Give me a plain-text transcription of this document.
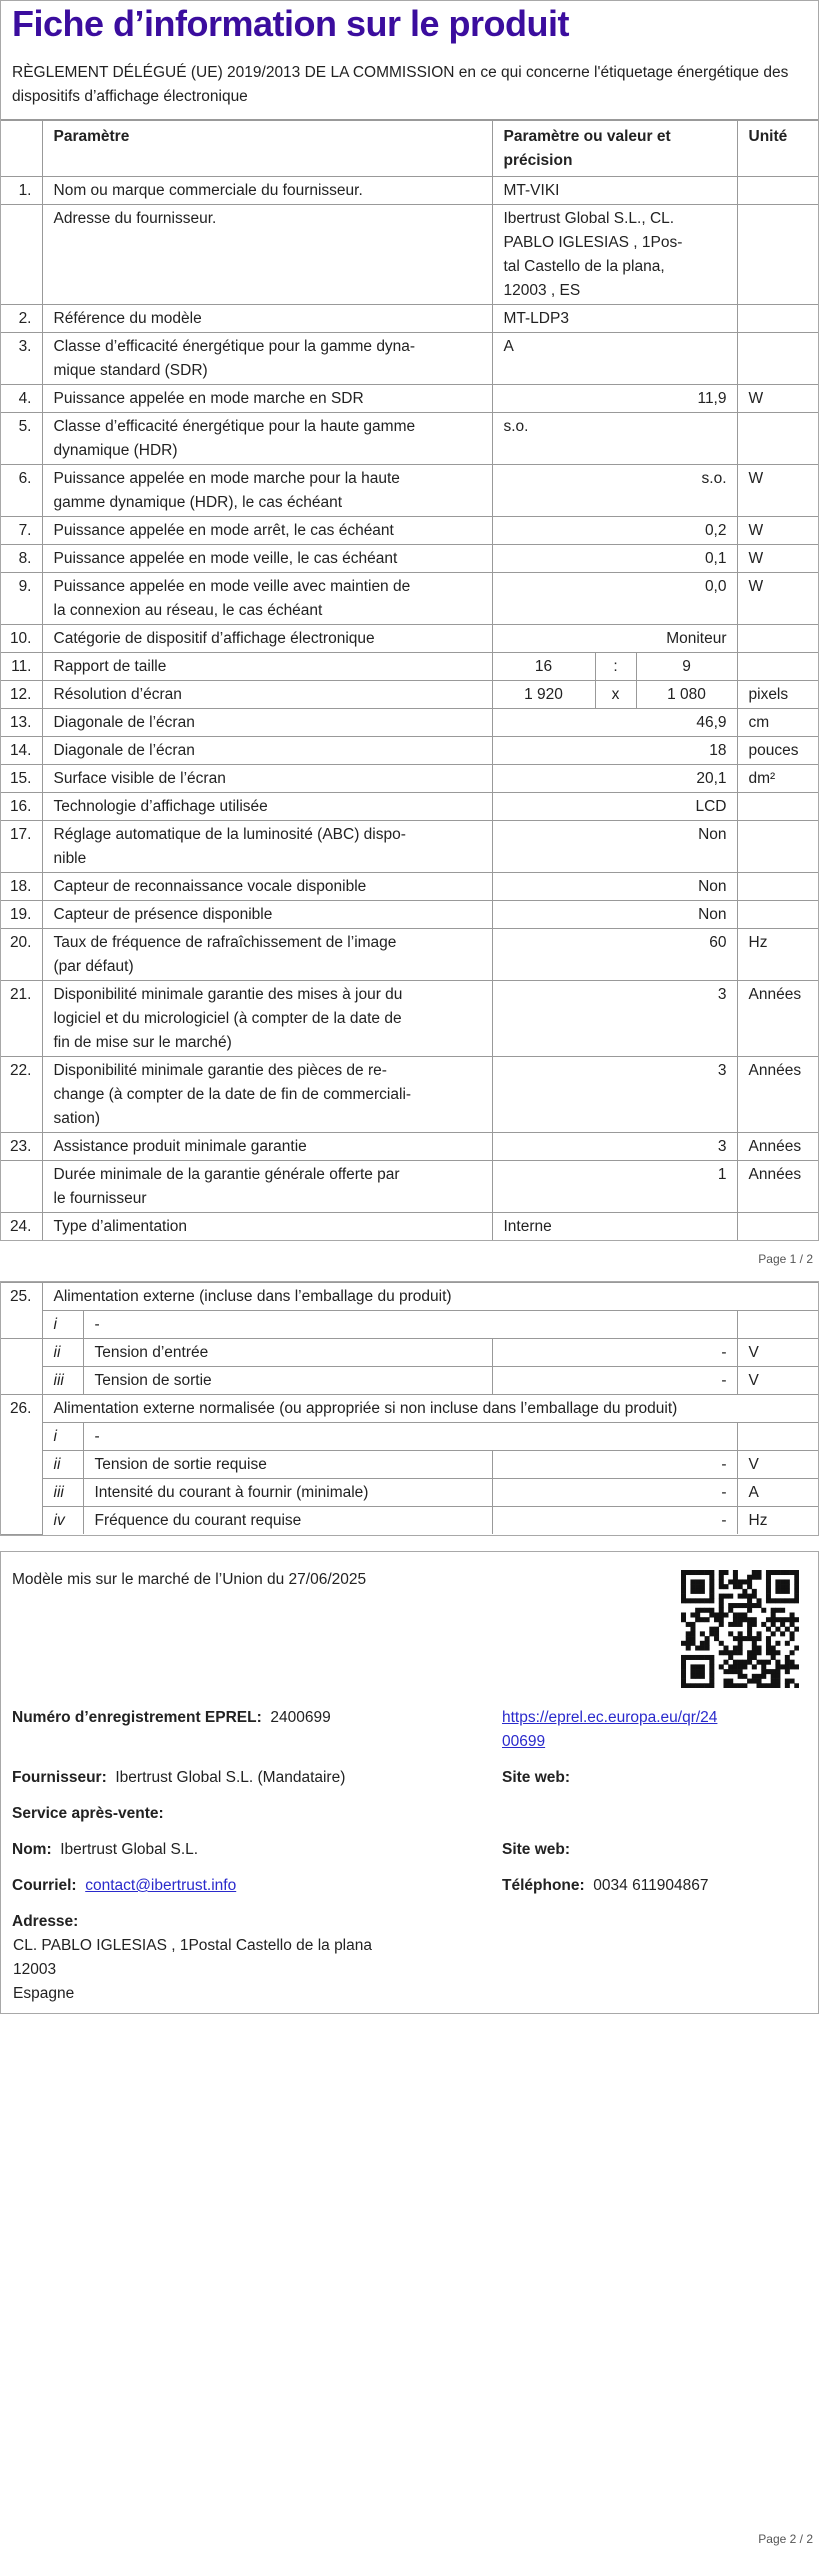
Fiche d’information sur le produit
RÈGLEMENT DÉLÉGUÉ (UE) 2019/2013 DE LA COMMISSION en ce qui concerne l'étiquetage énergétique des dispositifs d’affichage électronique
	Paramètre	Paramètre ou valeur et
précision			Unité
1.	Nom ou marque commerciale du fournisseur.	MT-VIKI			
	Adresse du fournisseur.	Ibertrust Global S.L., CL.
PABLO IGLESIAS , 1Pos-
tal Castello de la plana,
12003 , ES			
2.	Référence du modèle	MT-LDP3			
3.	Classe d’efficacité énergétique pour la gamme dyna-
mique standard (SDR)	A			
4.	Puissance appelée en mode marche en SDR	11,9			W
5.	Classe d’efficacité énergétique pour la haute gamme
dynamique (HDR)	s.o.			
6.	Puissance appelée en mode marche pour la haute
gamme dynamique (HDR), le cas échéant	s.o.			W
7.	Puissance appelée en mode arrêt, le cas échéant	0,2			W
8.	Puissance appelée en mode veille, le cas échéant	0,1			W
9.	Puissance appelée en mode veille avec maintien de
la connexion au réseau, le cas échéant	0,0			W
10.	Catégorie de dispositif d’affichage électronique	Moniteur			
11.	Rapport de taille	16	:	9	
12.	Résolution d’écran	1 920	x	1 080	pixels
13.	Diagonale de l’écran	46,9			cm
14.	Diagonale de l’écran	18			pouces
15.	Surface visible de l’écran	20,1			dm²
16.	Technologie d’affichage utilisée	LCD			
17.	Réglage automatique de la luminosité (ABC) dispo-
nible	Non			
18.	Capteur de reconnaissance vocale disponible	Non			
19.	Capteur de présence disponible	Non			
20.	Taux de fréquence de rafraîchissement de l’image
(par défaut)	60			Hz
21.	Disponibilité minimale garantie des mises à jour du
logiciel et du micrologiciel (à compter de la date de
fin de mise sur le marché)	3			Années
22.	Disponibilité minimale garantie des pièces de re-
change (à compter de la date de fin de commerciali-
sation)	3			Années
23.	Assistance produit minimale garantie	3			Années
	Durée minimale de la garantie générale offerte par
le fournisseur	1			Années
24.	Type d’alimentation	Interne			
Page 1 / 2
25.	Alimentation externe (incluse dans l’emballage du produit)			
	i	-		
	ii	Tension d’entrée	-	V
	iii	Tension de sortie	-	V
26.	Alimentation externe normalisée (ou appropriée si non incluse dans l’emballage du produit)			
	i	-		
	ii	Tension de sortie requise	-	V
	iii	Intensité du courant à fournir (minimale)	-	A
	iv	Fréquence du courant requise	-	Hz
Modèle mis sur le marché de l’Union du 27/06/2025
Numéro d’enregistrement EPREL: 2400699	https://eprel.ec.europa.eu/qr/24
00699
Fournisseur: Ibertrust Global S.L. (Mandataire)	Site web:
Service après-vente:
Nom: Ibertrust Global S.L.	Site web:
Courriel: contact@ibertrust.info	Téléphone: 0034 611904867
Adresse:
CL. PABLO IGLESIAS , 1Postal Castello de la plana
12003
Espagne
Page 2 / 2
